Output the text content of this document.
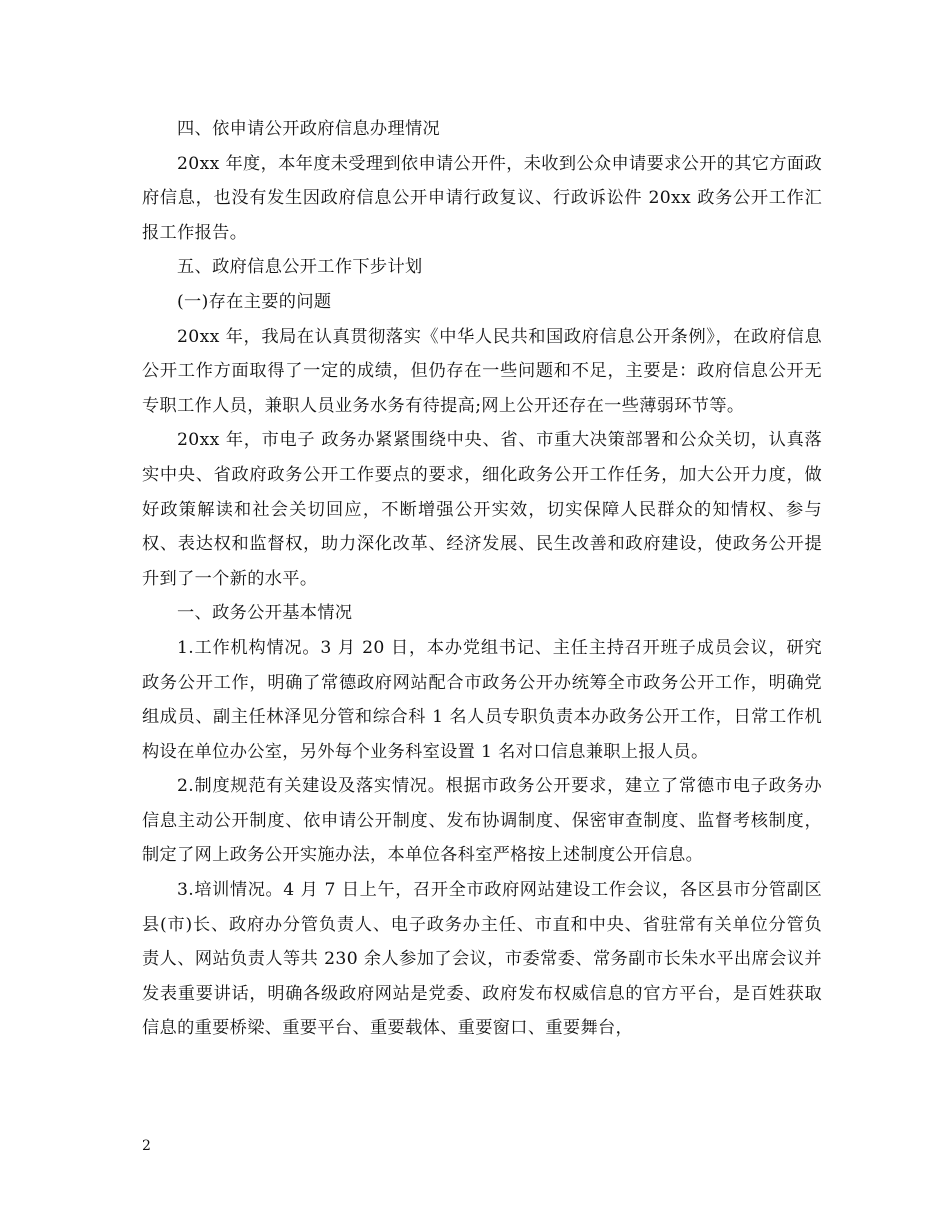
四、依申请公开政府信息办理情况

20xx 年度，本年度未受理到依申请公开件，未收到公众申请要求公开的其它方面政府信息，也没有发生因政府信息公开申请行政复议、行政诉讼件 20xx 政务公开工作汇报工作报告。

五、政府信息公开工作下步计划

(一)存在主要的问题

20xx 年，我局在认真贯彻落实《中华人民共和国政府信息公开条例》，在政府信息公开工作方面取得了一定的成绩，但仍存在一些问题和不足，主要是：政府信息公开无专职工作人员，兼职人员业务水务有待提高;网上公开还存在一些薄弱环节等。

20xx 年，市电子 政务办紧紧围绕中央、省、市重大决策部署和公众关切，认真落实中央、省政府政务公开工作要点的要求，细化政务公开工作任务，加大公开力度，做好政策解读和社会关切回应，不断增强公开实效，切实保障人民群众的知情权、参与权、表达权和监督权，助力深化改革、经济发展、民生改善和政府建设，使政务公开提升到了一个新的水平。

一、政务公开基本情况

1.工作机构情况。3 月 20 日，本办党组书记、主任主持召开班子成员会议，研究政务公开工作，明确了常德政府网站配合市政务公开办统筹全市政务公开工作，明确党组成员、副主任林泽见分管和综合科 1 名人员专职负责本办政务公开工作，日常工作机构设在单位办公室，另外每个业务科室设置 1 名对口信息兼职上报人员。

2.制度规范有关建设及落实情况。根据市政务公开要求，建立了常德市电子政务办信息主动公开制度、依申请公开制度、发布协调制度、保密审查制度、监督考核制度，制定了网上政务公开实施办法，本单位各科室严格按上述制度公开信息。

3.培训情况。4 月 7 日上午，召开全市政府网站建设工作会议，各区县市分管副区县(市)长、政府办分管负责人、电子政务办主任、市直和中央、省驻常有关单位分管负责人、网站负责人等共 230 余人参加了会议，市委常委、常务副市长朱水平出席会议并发表重要讲话，明确各级政府网站是党委、政府发布权威信息的官方平台，是百姓获取信息的重要桥梁、重要平台、重要载体、重要窗口、重要舞台，

2
